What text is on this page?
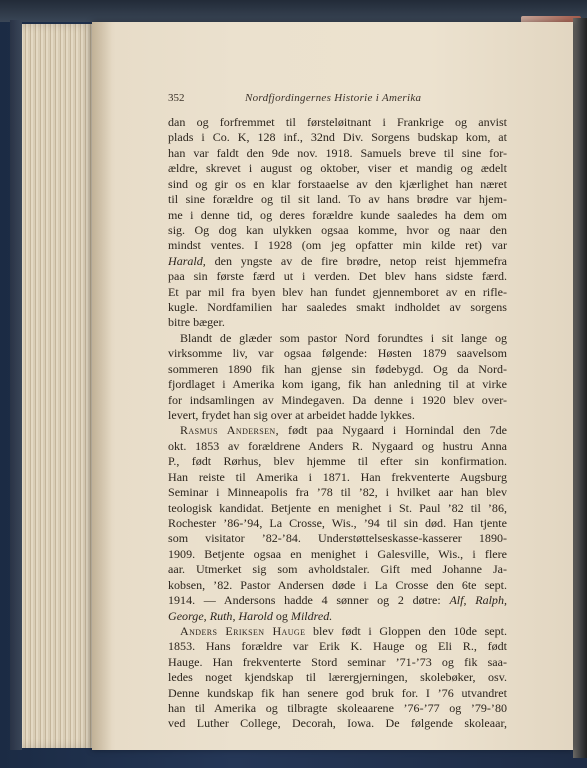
352	Nordfjordingernes Historie i Amerika
dan og forfremmet til førsteløitnant i Frankrige og anvist
plads i Co. K, 128 inf., 32nd Div. Sorgens budskap kom, at
han var faldt den 9de nov. 1918. Samuels breve til sine for-
ældre, skrevet i august og oktober, viser et mandig og ædelt
sind og gir os en klar forstaaelse av den kjærlighet han næret
til sine forældre og til sit land. To av hans brødre var hjem-
me i denne tid, og deres forældre kunde saaledes ha dem om
sig. Og dog kan ulykken ogsaa komme, hvor og naar den
mindst ventes. I 1928 (om jeg opfatter min kilde ret) var
Harald, den yngste av de fire brødre, netop reist hjemmefra
paa sin første færd ut i verden. Det blev hans sidste færd.
Et par mil fra byen blev han fundet gjennemboret av en rifle-
kugle. Nordfamilien har saaledes smakt indholdet av sorgens
bitre bæger.
Blandt de glæder som pastor Nord forundtes i sit lange og
virksomme liv, var ogsaa følgende: Høsten 1879 saavelsom
sommeren 1890 fik han gjense sin fødebygd. Og da Nord-
fjordlaget i Amerika kom igang, fik han anledning til at virke
for indsamlingen av Mindegaven. Da denne i 1920 blev over-
levert, frydet han sig over at arbeidet hadde lykkes.
Rasmus Andersen, født paa Nygaard i Hornindal den 7de
okt. 1853 av forældrene Anders R. Nygaard og hustru Anna
P., født Rørhus, blev hjemme til efter sin konfirmation.
Han reiste til Amerika i 1871. Han frekventerte Augsburg
Seminar i Minneapolis fra ’78 til ’82, i hvilket aar han blev
teologisk kandidat. Betjente en menighet i St. Paul ’82 til ’86,
Rochester ’86-’94, La Crosse, Wis., ’94 til sin død. Han tjente
som visitator ’82-’84. Understøttelseskasse-kasserer 1890-
1909. Betjente ogsaa en menighet i Galesville, Wis., i flere
aar. Utmerket sig som avholdstaler. Gift med Johanne Ja-
kobsen, ’82. Pastor Andersen døde i La Crosse den 6te sept.
1914. — Andersons hadde 4 sønner og 2 døtre: Alf, Ralph,
George, Ruth, Harold og Mildred.
Anders Eriksen Hauge blev født i Gloppen den 10de sept.
1853. Hans forældre var Erik K. Hauge og Eli R., født
Hauge. Han frekventerte Stord seminar ’71-’73 og fik saa-
ledes noget kjendskap til lærergjerningen, skolebøker, osv.
Denne kundskap fik han senere god bruk for. I ’76 utvandret
han til Amerika og tilbragte skoleaarene ’76-’77 og ’79-’80
ved Luther College, Decorah, Iowa. De følgende skoleaar,
